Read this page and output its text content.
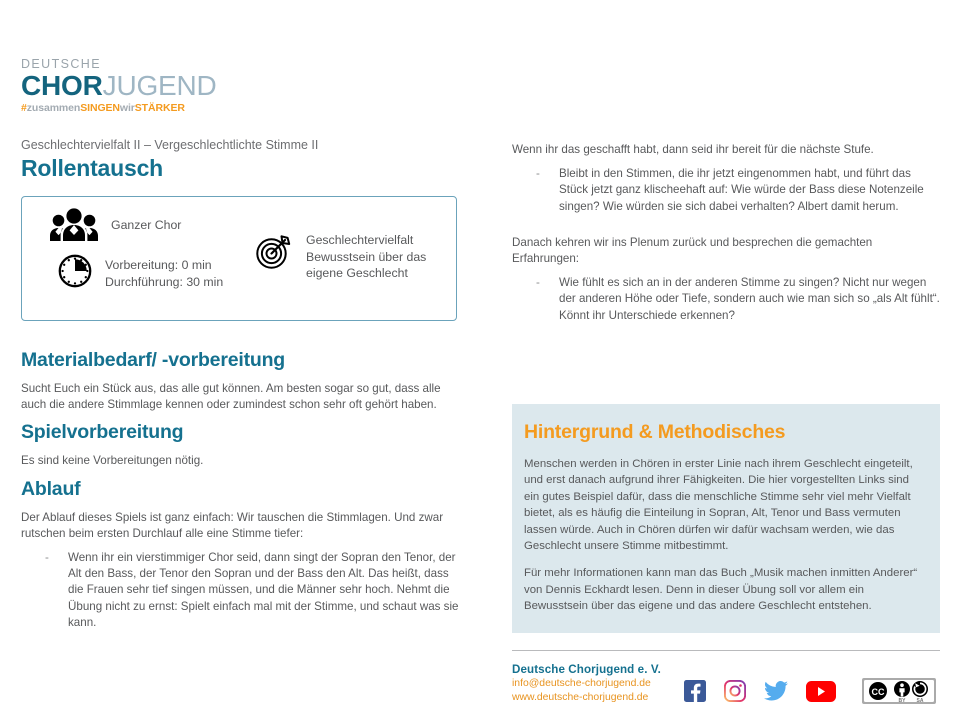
DEUTSCHE
CHORJUGEND
#zusammenSINGENwirSTÄRKER

Geschlechtervielfalt II – Vergeschlechtlichte Stimme II

Rollentausch
Ganzer Chor
Vorbereitung: 0 min
Durchführung: 30 min
Geschlechtervielfalt
Bewusstsein über das
eigene Geschlecht
Materialbedarf/ -vorbereitung

Sucht Euch ein Stück aus, das alle gut können. Am besten sogar so gut, dass alle auch die andere Stimmlage kennen oder zumindest schon sehr oft gehört haben.

Spielvorbereitung

Es sind keine Vorbereitungen nötig.

Ablauf

Der Ablauf dieses Spiels ist ganz einfach: Wir tauschen die Stimmlagen. Und zwar rutschen beim ersten Durchlauf alle eine Stimme tiefer:

- Wenn ihr ein vierstimmiger Chor seid, dann singt der Sopran den Tenor, der Alt den Bass, der Tenor den Sopran und der Bass den Alt. Das heißt, dass die Frauen sehr tief singen müssen, und die Männer sehr hoch. Nehmt die Übung nicht zu ernst: Spielt einfach mal mit der Stimme, und schaut was sie kann.

Wenn ihr das geschafft habt, dann seid ihr bereit für die nächste Stufe.

- Bleibt in den Stimmen, die ihr jetzt eingenommen habt, und führt das Stück jetzt ganz klischeehaft auf: Wie würde der Bass diese Notenzeile singen? Wie würden sie sich dabei verhalten? Albert damit herum.

Danach kehren wir ins Plenum zurück und besprechen die gemachten Erfahrungen:

- Wie fühlt es sich an in der anderen Stimme zu singen? Nicht nur wegen der anderen Höhe oder Tiefe, sondern auch wie man sich so „als Alt fühlt“. Könnt ihr Unterschiede erkennen?
Hintergrund & Methodisches

Menschen werden in Chören in erster Linie nach ihrem Geschlecht eingeteilt, und erst danach aufgrund ihrer Fähigkeiten. Die hier vorgestellten Links sind ein gutes Beispiel dafür, dass die menschliche Stimme sehr viel mehr Vielfalt bietet, als es häufig die Einteilung in Sopran, Alt, Tenor und Bass vermuten lassen würde. Auch in Chören dürfen wir dafür wachsam werden, wie das Geschlecht unsere Stimme mitbestimmt.

Für mehr Informationen kann man das Buch „Musik machen inmitten Anderer“ von Dennis Eckhardt lesen. Denn in dieser Übung soll vor allem ein Bewusstsein über das eigene und das andere Geschlecht entstehen.

Deutsche Chorjugend e. V.

info@deutsche-chorjugend.de

www.deutsche-chorjugend.de	CC
BY SA
